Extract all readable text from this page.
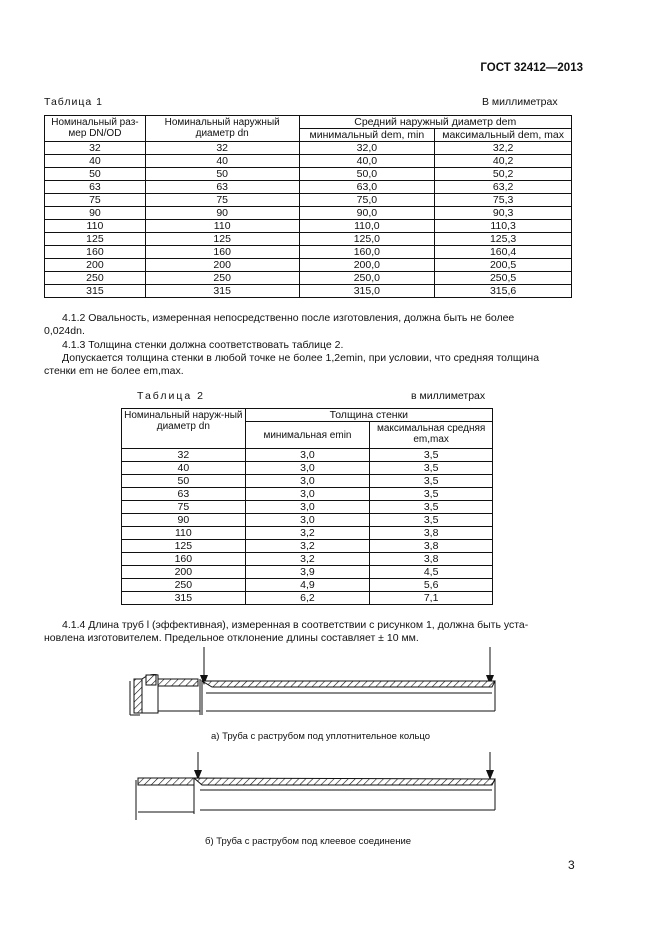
ГОСТ 32412—2013
Таблица 1	В миллиметрах
Номинальный раз-мер DN/OD	Номинальный наружный диаметр dn	Средний наружный диаметр dem	
		минимальный dem, min	максимальный dem, max
32	32	32,0	32,2
40	40	40,0	40,2
50	50	50,0	50,2
63	63	63,0	63,2
75	75	75,0	75,3
90	90	90,0	90,3
110	110	110,0	110,3
125	125	125,0	125,3
160	160	160,0	160,4
200	200	200,0	200,5
250	250	250,0	250,5
315	315	315,0	315,6
4.1.2 Овальность, измеренная непосредственно после изготовления, должна быть не более
0,024dn.
4.1.3 Толщина стенки должна соответствовать таблице 2.
Допускается толщина стенки в любой точке не более 1,2emin, при условии, что средняя толщина
стенки em не более em,max.
Таблица 2	в миллиметрах
Номинальный наруж-ный диаметр dn	Толщина стенки	
	минимальная emin	максимальная средняя em,max
32	3,0	3,5
40	3,0	3,5
50	3,0	3,5
63	3,0	3,5
75	3,0	3,5
90	3,0	3,5
110	3,2	3,8
125	3,2	3,8
160	3,2	3,8
200	3,9	4,5
250	4,9	5,6
315	6,2	7,1
4.1.4 Длина труб l (эффективная), измеренная в соответствии с рисунком 1, должна быть уста-
новлена изготовителем. Предельное отклонение длины составляет ± 10 мм.
а) Труба с раструбом под уплотнительное кольцо
б) Труба с раструбом под клеевое соединение
3
